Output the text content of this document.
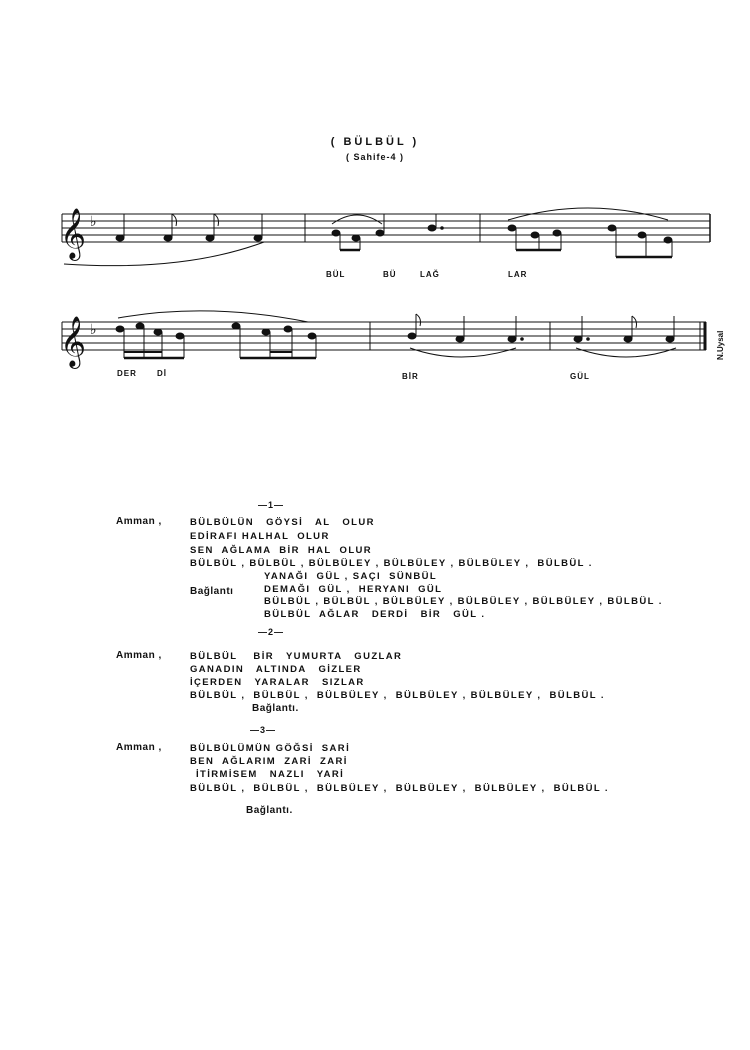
( BÜLBÜL )
( Sahife-4 )
𝄞
𝄞
♭
♭
BÜL	BÜ	LAĞ	LAR
DER	Dİ	BİR	GÜL
N.Uysal
—1—
Amman ,	BÜLBÜLÜN   GÖYSİ   AL   OLUR
EDİRAFI HALHAL  OLUR
SEN  AĞLAMA  BİR  HAL  OLUR
BÜLBÜL , BÜLBÜL , BÜLBÜLEY , BÜLBÜLEY , BÜLBÜLEY ,  BÜLBÜL .
YANAĞI  GÜL , SAÇI  SÜNBÜL
DEMAĞI  GÜL ,  HERYANI  GÜL
Bağlantı
BÜLBÜL , BÜLBÜL , BÜLBÜLEY , BÜLBÜLEY , BÜLBÜLEY , BÜLBÜL .
BÜLBÜL  AĞLAR   DERDİ   BİR   GÜL .
—2—
Amman ,	BÜLBÜL    BİR   YUMURTA   GUZLAR
GANADIN   ALTINDA   GİZLER
İÇERDEN   YARALAR   SIZLAR
BÜLBÜL ,  BÜLBÜL ,  BÜLBÜLEY ,  BÜLBÜLEY , BÜLBÜLEY ,  BÜLBÜL .
Bağlantı.
—3—
Amman ,	BÜLBÜLÜMÜN GÖĞSİ  SARİ
BEN  AĞLARIM  ZARİ  ZARİ
İTİRMİSEM   NAZLI   YARİ
BÜLBÜL ,  BÜLBÜL ,  BÜLBÜLEY ,  BÜLBÜLEY ,  BÜLBÜLEY ,  BÜLBÜL .
Bağlantı.
